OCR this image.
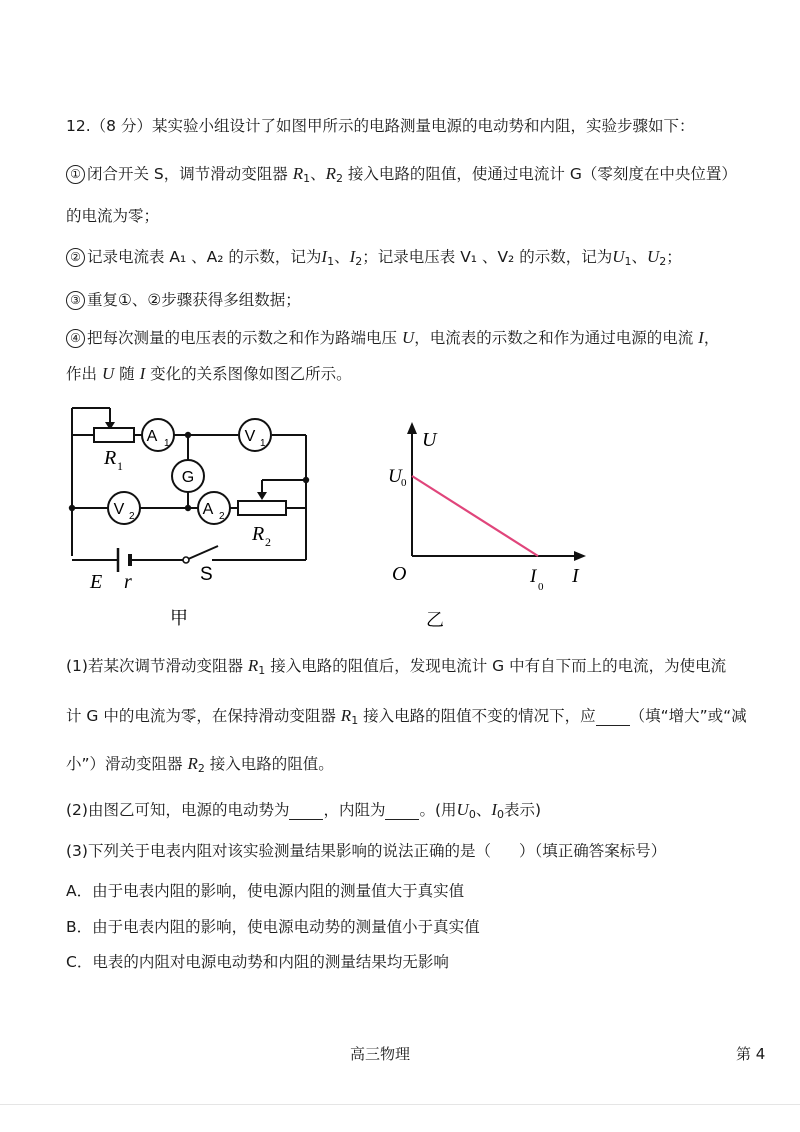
12.（8 分）某实验小组设计了如图甲所示的电路测量电源的电动势和内阻，实验步骤如下：
① 闭合开关 S，调节滑动变阻器 $R_1$、$R_2$ 接入电路的阻值，使通过电流计 G（零刻度在中央位置）
的电流为零；
② 记录电流表 A₁ 、A₂ 的示数，记为$I_1$、$I_2$；记录电压表 V₁ 、V₂ 的示数，记为$U_1$、$U_2$；
③ 重复①、②步骤获得多组数据；
④ 把每次测量的电压表的示数之和作为路端电压 U，电流表的示数之和作为通过电源的电流 I，
作出 U 随 I 变化的关系图像如图乙所示。
A 1	V 1
G
V 2	A 2
R 1
R 2
E r	S
甲
U
U 0
O	I 0 I
乙
(1)若某次调节滑动变阻器 $R_1$ 接入电路的阻值后，发现电流计 G 中有自下而上的电流，为使电流
计 G 中的电流为零，在保持滑动变阻器 $R_1$ 接入电路的阻值不变的情况下，应 （填“增大”或“减
小”）滑动变阻器 $R_2$ 接入电路的阻值。
(2)由图乙可知，电源的电动势为 ，内阻为 。(用$U_0$、$I_0$表示)
(3)下列关于电表内阻对该实验测量结果影响的说法正确的是（ ）（填正确答案标号）
A．由于电表内阻的影响，使电源内阻的测量值大于真实值
B．由于电表内阻的影响，使电源电动势的测量值小于真实值
C．电表的内阻对电源电动势和内阻的测量结果均无影响
高三物理	第 4
